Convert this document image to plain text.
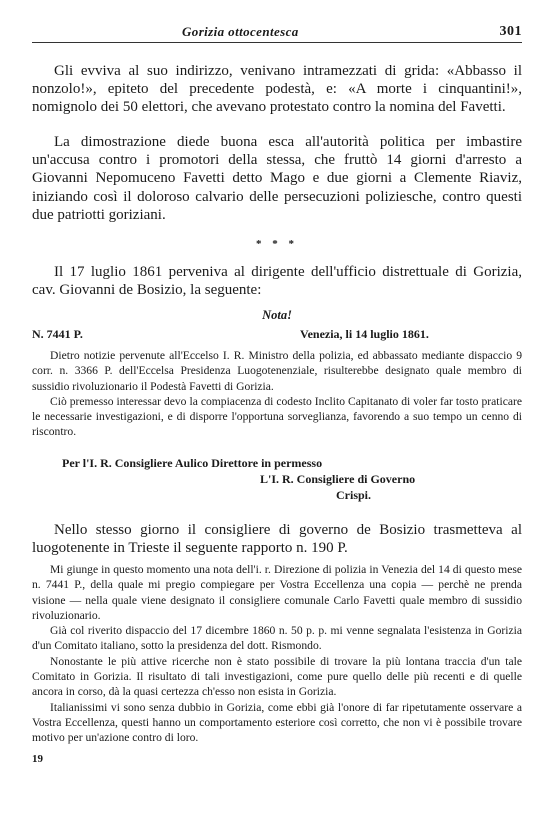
Gorizia ottocentesca	301

Gli evviva al suo indirizzo, venivano intramezzati di grida: «Abbasso il nonzolo!», epiteto del precedente podestà, e: «A morte i cinquantini!», nomignolo dei 50 elettori, che avevano protestato contro la nomina del Favetti.

La dimostrazione diede buona esca all'autorità politica per imbastire un'accusa contro i promotori della stessa, che fruttò 14 giorni d'arresto a Giovanni Nepomuceno Favetti detto Mago e due giorni a Clemente Riaviz, iniziando così il doloroso calvario delle persecuzioni poliziesche, contro questi due patriotti goriziani.

* * *

Il 17 luglio 1861 perveniva al dirigente dell'ufficio distrettuale di Gorizia, cav. Giovanni de Bosizio, la seguente:

Nota!
N. 7441 P.	Venezia, li 14 luglio 1861.

Dietro notizie pervenute all'Eccelso I. R. Ministro della polizia, ed abbassato mediante dispaccio 9 corr. n. 3366 P. dell'Eccelsa Presidenza Luogotenenziale, risulterebbe designato quale membro di sussidio rivoluzionario il Podestà Favetti di Gorizia.

Ciò premesso interessar devo la compiacenza di codesto Inclito Capitanato di voler far tosto praticare le necessarie investigazioni, e di disporre l'opportuna sorveglianza, favorendo a suo tempo un cenno di riscontro.

Per l'I. R. Consigliere Aulico Direttore in permesso
L'I. R. Consigliere di Governo
Crispi.

Nello stesso giorno il consigliere di governo de Bosizio trasmetteva al luogotenente in Trieste il seguente rapporto n. 190 P.

Mi giunge in questo momento una nota dell'i. r. Direzione di polizia in Venezia del 14 di questo mese n. 7441 P., della quale mi pregio compiegare per Vostra Eccellenza una copia — perchè ne prenda visione — nella quale viene designato il consigliere comunale Carlo Favetti quale membro di sussidio rivoluzionario.

Già col riverito dispaccio del 17 dicembre 1860 n. 50 p. p. mi venne segnalata l'esistenza in Gorizia d'un Comitato italiano, sotto la presidenza del dott. Rismondo.

Nonostante le più attive ricerche non è stato possibile di trovare la più lontana traccia d'un tale Comitato in Gorizia. Il risultato di tali investigazioni, come pure quello delle più recenti e di quelle ancora in corso, dà la quasi certezza ch'esso non esista in Gorizia.

Italianissimi vi sono senza dubbio in Gorizia, come ebbi già l'onore di far ripetutamente osservare a Vostra Eccellenza, questi hanno un comportamento esteriore così corretto, che non vi è possibile trovare motivo per un'azione contro di loro.

19
